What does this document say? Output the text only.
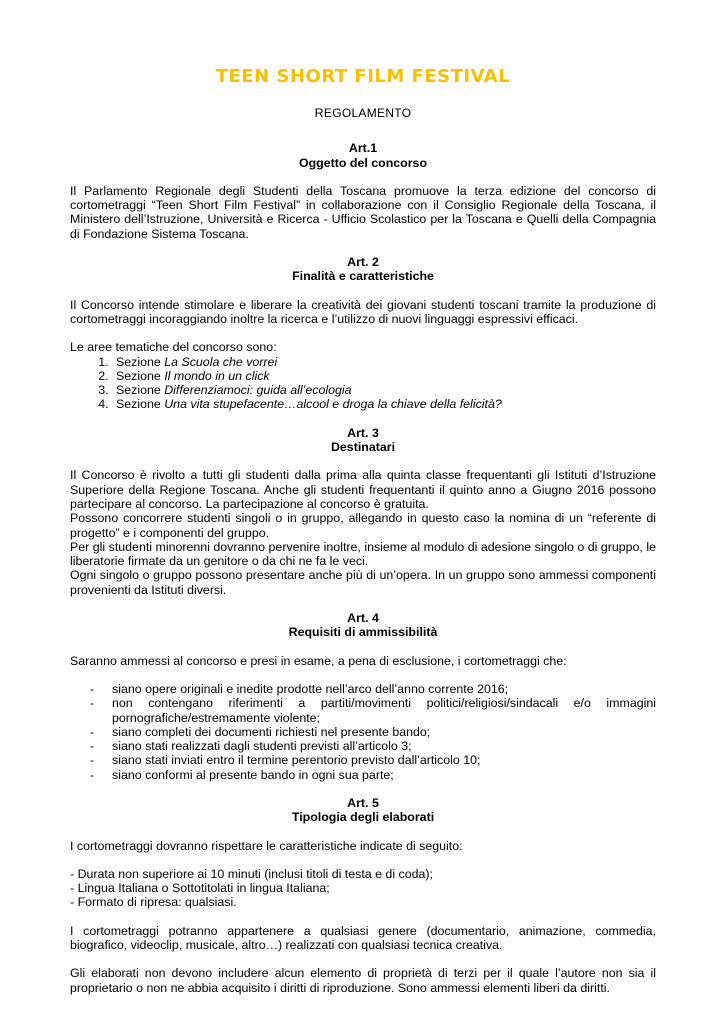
TEEN SHORT FILM FESTIVAL
REGOLAMENTO
Art.1
Oggetto del concorso

Il Parlamento Regionale degli Studenti della Toscana promuove la terza edizione del concorso di cortometraggi “Teen Short Film Festival” in collaborazione con il Consiglio Regionale della Toscana, il Ministero dell’Istruzione, Università e Ricerca - Ufficio Scolastico per la Toscana e Quelli della Compagnia di Fondazione Sistema Toscana.

Art. 2
Finalità e caratteristiche

Il Concorso intende stimolare e liberare la creatività dei giovani studenti toscani tramite la produzione di cortometraggi incoraggiando inoltre la ricerca e l’utilizzo di nuovi linguaggi espressivi efficaci.

Le aree tematiche del concorso sono:

1. Sezione La Scuola che vorrei
2. Sezione Il mondo in un click
3. Sezione Differenziamoci: guida all’ecologia
4. Sezione Una vita stupefacente…alcool e droga la chiave della felicità?
Art. 3
Destinatari

Il Concorso è rivolto a tutti gli studenti dalla prima alla quinta classe frequentanti gli Istituti d’Istruzione Superiore della Regione Toscana. Anche gli studenti frequentanti il quinto anno a Giugno 2016 possono partecipare al concorso. La partecipazione al concorso è gratuita.

Possono concorrere studenti singoli o in gruppo, allegando in questo caso la nomina di un “referente di progetto” e i componenti del gruppo.

Per gli studenti minorenni dovranno pervenire inoltre, insieme al modulo di adesione singolo o di gruppo, le liberatorie firmate da un genitore o da chi ne fa le veci.

Ogni singolo o gruppo possono presentare anche più di un’opera. In un gruppo sono ammessi componenti provenienti da Istituti diversi.

Art. 4
Requisiti di ammissibilità

Saranno ammessi al concorso e presi in esame, a pena di esclusione, i cortometraggi che:

- siano opere originali e inedite prodotte nell’arco dell’anno corrente 2016;
- non contengano riferimenti a partiti/movimenti politici/religiosi/sindacali e/o immagini pornografiche/estremamente violente;
- siano completi dei documenti richiesti nel presente bando;
- siano stati realizzati dagli studenti previsti all’articolo 3;
- siano stati inviati entro il termine perentorio previsto dall’articolo 10;
- siano conformi al presente bando in ogni sua parte;
Art. 5
Tipologia degli elaborati

I cortometraggi dovranno rispettare le caratteristiche indicate di seguito:

- Durata non superiore ai 10 minuti (inclusi titoli di testa e di coda);

- Lingua Italiana o Sottotitolati in lingua Italiana;

- Formato di ripresa: qualsiasi.

I cortometraggi potranno appartenere a qualsiasi genere (documentario, animazione, commedia, biografico, videoclip, musicale, altro…) realizzati con qualsiasi tecnica creativa.

Gli elaborati non devono includere alcun elemento di proprietà di terzi per il quale l’autore non sia il proprietario o non ne abbia acquisito i diritti di riproduzione. Sono ammessi elementi liberi da diritti.
